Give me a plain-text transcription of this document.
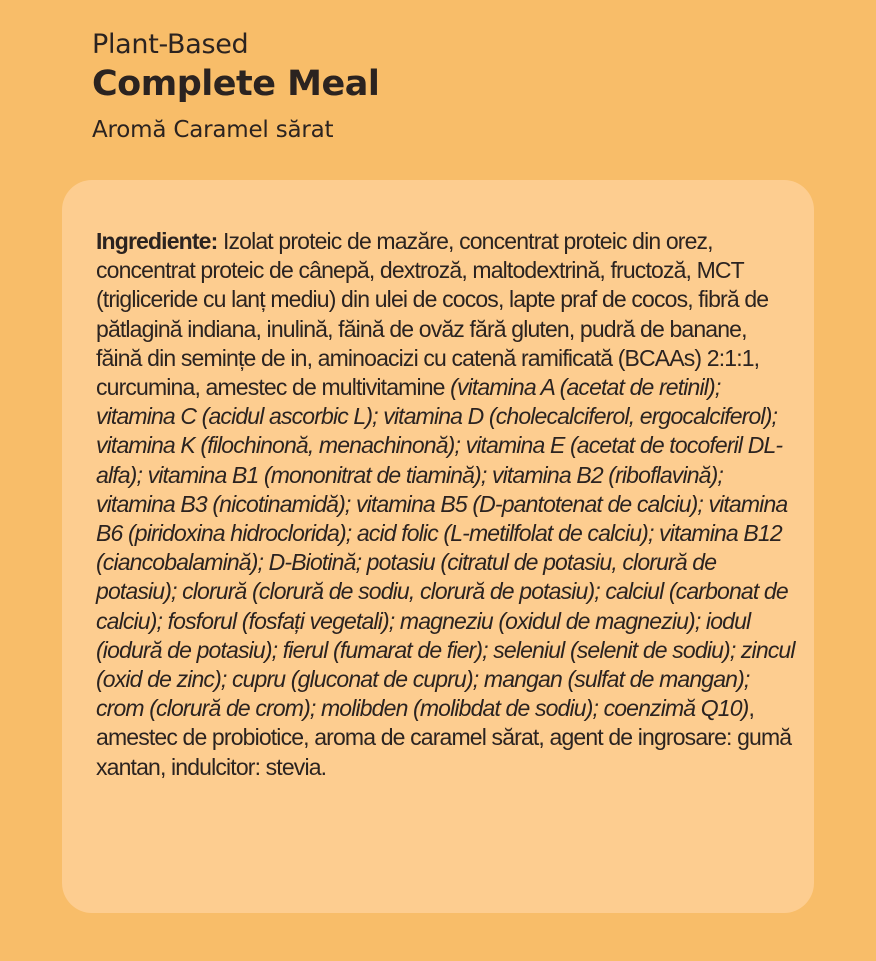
Plant-Based
Complete Meal
Aromă Caramel sărat
Ingrediente: Izolat proteic de mazăre, concentrat proteic din orez, concentrat proteic de cânepă, dextroză, maltodextrină, fructoză, MCT (trigliceride cu lanț mediu) din ulei de cocos, lapte praf de cocos, fibră de pătlagină indiana, inulină, făină de ovăz fără gluten, pudră de banane, făină din semințe de in, aminoacizi cu catenă ramificată (BCAAs) 2:1:1, curcumina, amestec de multivitamine (vitamina A (acetat de retinil); vitamina C (acidul ascorbic L); vitamina D (cholecalciferol, ergocalciferol); vitamina K (filochinonă, menachinonă); vitamina E (acetat de tocoferil DL-alfa); vitamina B1 (mononitrat de tiamină); vitamina B2 (riboflavină); vitamina B3 (nicotinamidă); vitamina B5 (D-pantotenat de calciu); vitamina B6 (piridoxina hidroclorida); acid folic (L-metilfolat de calciu); vitamina B12 (ciancobalamină); D-Biotină; potasiu (citratul de potasiu, clorură de potasiu); clorură (clorură de sodiu, clorură de potasiu); calciul (carbonat de calciu); fosforul (fosfați vegetali); magneziu (oxidul de magneziu); iodul (iodură de potasiu); fierul (fumarat de fier); seleniul (selenit de sodiu); zincul (oxid de zinc); cupru (gluconat de cupru); mangan (sulfat de mangan); crom (clorură de crom); molibden (molibdat de sodiu); coenzimă Q10), amestec de probiotice, aroma de caramel sărat, agent de ingrosare: gumă xantan, indulcitor: stevia.
